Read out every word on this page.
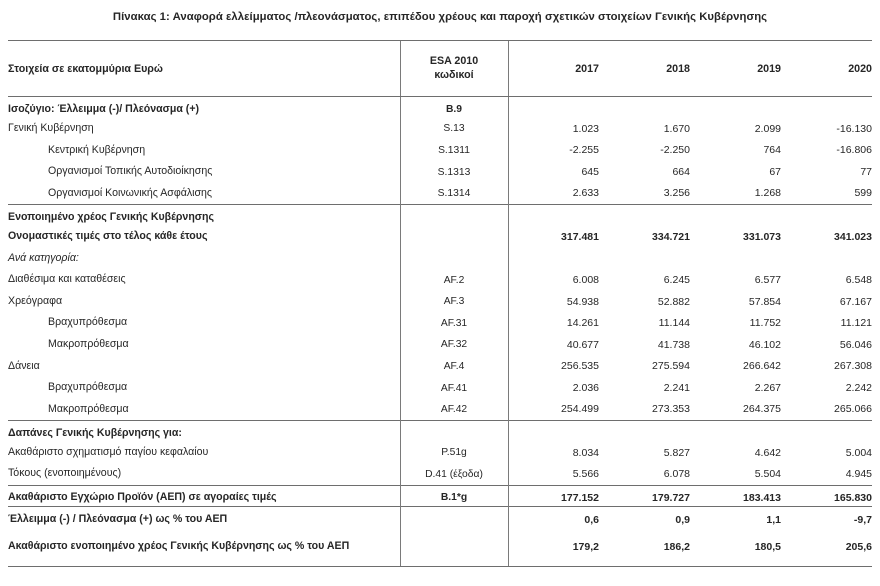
Πίνακας 1: Αναφορά ελλείμματος /πλεονάσματος, επιπέδου χρέους και παροχή σχετικών στοιχείων Γενικής Κυβέρνησης
Στοιχεία σε εκατομμύρια Ευρώ	ESA 2010
κωδικοί	2017	2018	2019	2020
Ισοζύγιο: Έλλειμμα (-)/ Πλεόνασμα (+)	B.9				
Γενική Κυβέρνηση	S.13	1.023	1.670	2.099	-16.130
Κεντρική Κυβέρνηση	S.1311	-2.255	-2.250	764	-16.806
Οργανισμοί Τοπικής Αυτοδιοίκησης	S.1313	645	664	67	77
Οργανισμοί Κοινωνικής Ασφάλισης	S.1314	2.633	3.256	1.268	599
Ενοποιημένο χρέος Γενικής Κυβέρνησης					
Ονομαστικές τιμές στο τέλος κάθε έτους		317.481	334.721	331.073	341.023
Ανά κατηγορία:					
Διαθέσιμα και καταθέσεις	AF.2	6.008	6.245	6.577	6.548
Χρεόγραφα	AF.3	54.938	52.882	57.854	67.167
Βραχυπρόθεσμα	AF.31	14.261	11.144	11.752	11.121
Μακροπρόθεσμα	AF.32	40.677	41.738	46.102	56.046
Δάνεια	AF.4	256.535	275.594	266.642	267.308
Βραχυπρόθεσμα	AF.41	2.036	2.241	2.267	2.242
Μακροπρόθεσμα	AF.42	254.499	273.353	264.375	265.066
Δαπάνες Γενικής Κυβέρνησης για:					
Ακαθάριστο σχηματισμό παγίου κεφαλαίου	P.51g	8.034	5.827	4.642	5.004
Τόκους (ενοποιημένους)	D.41 (έξοδα)	5.566	6.078	5.504	4.945
Ακαθάριστο Εγχώριο Προϊόν (ΑΕΠ) σε αγοραίες τιμές	B.1*g	177.152	179.727	183.413	165.830
Έλλειμμα (-) / Πλεόνασμα (+) ως % του ΑΕΠ		0,6	0,9	1,1	-9,7
Ακαθάριστο ενοποιημένο χρέος Γενικής Κυβέρνησης ως % του ΑΕΠ		179,2	186,2	180,5	205,6
